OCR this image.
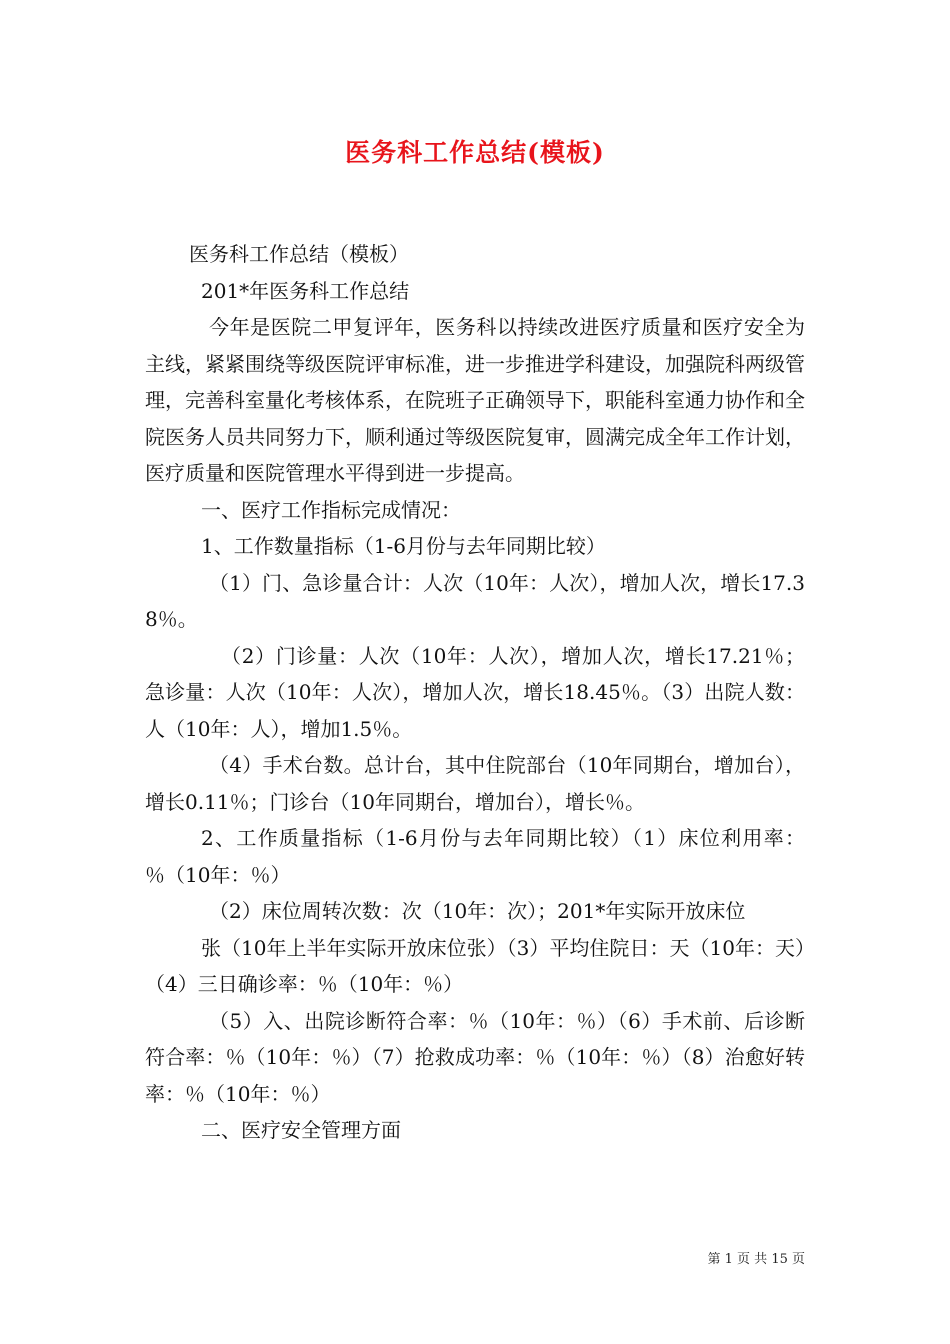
医务科工作总结(模板)

医务科工作总结（模板）

201*年医务科工作总结

今年是医院二甲复评年，医务科以持续改进医疗质量和医疗安全为主线，紧紧围绕等级医院评审标准，进一步推进学科建设，加强院科两级管理，完善科室量化考核体系，在院班子正确领导下，职能科室通力协作和全院医务人员共同努力下，顺利通过等级医院复审，圆满完成全年工作计划，医疗质量和医院管理水平得到进一步提高。

一、医疗工作指标完成情况：

1、工作数量指标（1-6月份与去年同期比较）

（1）门、急诊量合计：人次（10年：人次），增加人次，增长17.38％。

（2）门诊量：人次（10年：人次），增加人次，增长17.21％；急诊量：人次（10年：人次），增加人次，增长18.45％。（3）出院人数：人（10年：人），增加1.5％。

（4）手术台数。总计台，其中住院部台（10年同期台，增加台），增长0.11％；门诊台（10年同期台，增加台），增长％。

2、工作质量指标（1-6月份与去年同期比较）（1）床位利用率：％（10年：％）

（2）床位周转次数：次（10年：次）；201*年实际开放床位

张（10年上半年实际开放床位张）（3）平均住院日：天（10年：天）（4）三日确诊率：％（10年：％）

（5）入、出院诊断符合率：％（10年：％）（6）手术前、后诊断符合率：％（10年：％）（7）抢救成功率：％（10年：％）（8）治愈好转率：％（10年：％）

二、医疗安全管理方面

第 1 页 共 15 页
